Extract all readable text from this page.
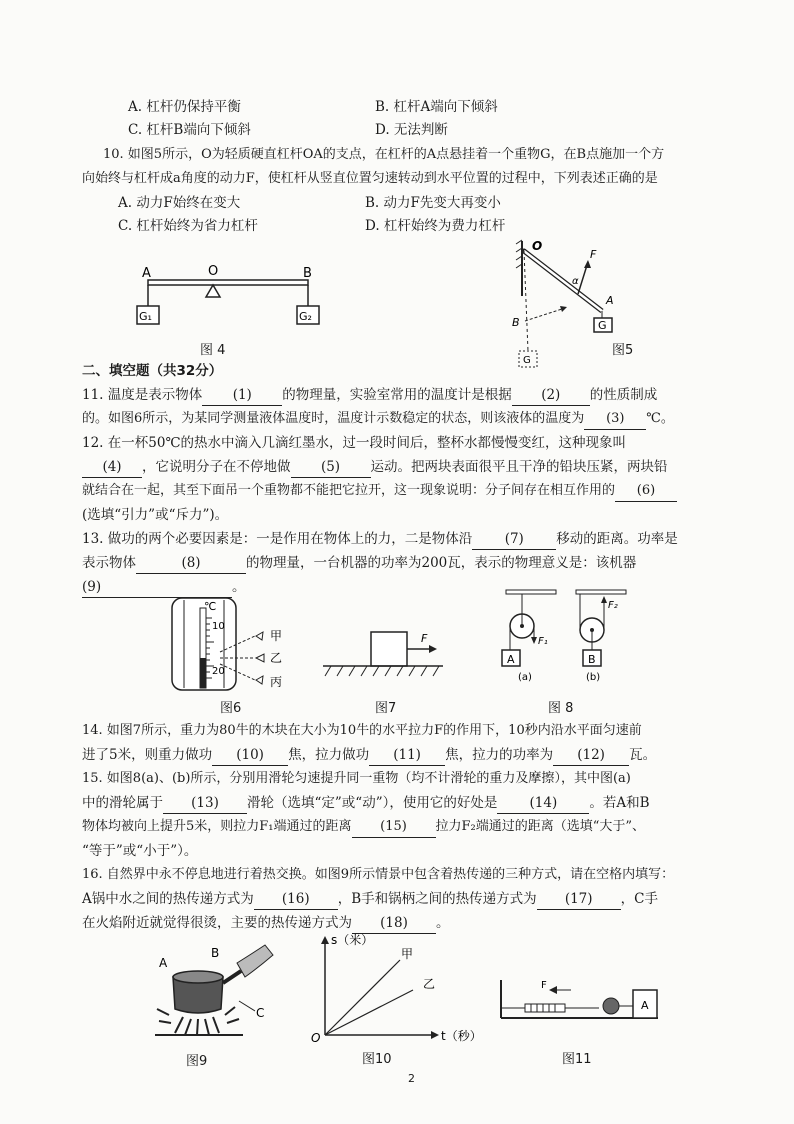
A. 杠杆仍保持平衡	B. 杠杆A端向下倾斜
C. 杠杆B端向下倾斜	D. 无法判断
10. 如图5所示，O为轻质硬直杠杆OA的支点，在杠杆的A点悬挂着一个重物G，在B点施加一个方
向始终与杠杆成a角度的动力F，使杠杆从竖直位置匀速转动到水平位置的过程中，下列表述正确的是
A. 动力F始终在变大	B. 动力F先变大再变小
C. 杠杆始终为省力杠杆	D. 杠杆始终为费力杠杆
A	O	B
G₁	G₂
图 4
O
F
α
A
G
B
G
图5
二、填空题（共32分）
11. 温度是表示物体 (1) 的物理量，实验室常用的温度计是根据 (2) 的性质制成
的。如图6所示，为某同学测量液体温度时，温度计示数稳定的状态，则该液体的温度为 (3) ℃。
12. 在一杯50℃的热水中滴入几滴红墨水，过一段时间后，整杯水都慢慢变红，这种现象叫
(4) ，它说明分子在不停地做 (5) 运动。把两块表面很平且干净的铅块压紧，两块铅
就结合在一起，其至下面吊一个重物都不能把它拉开，这一现象说明：分子间存在相互作用的 (6)
(选填“引力”或“斥力”)。
13. 做功的两个必要因素是：一是作用在物体上的力，二是物体沿 (7) 移动的距离。功率是
表示物体	(8)	的物理量，一台机器的功率为200瓦，表示的物理意义是：该机器
(9)	。
℃
10
20
甲
乙
丙
图6
F
图7
F₁
F₂
A	B
(a)	(b)
图 8
14. 如图7所示，重力为80牛的木块在大小为10牛的水平拉力F的作用下，10秒内沿水平面匀速前
进了5米，则重力做功 (10) 焦，拉力做功 (11) 焦，拉力的功率为 (12) 瓦。
15. 如图8(a)、(b)所示，分别用滑轮匀速提升同一重物（均不计滑轮的重力及摩擦），其中图(a)
中的滑轮属于 (13) 滑轮（选填“定”或“动”），使用它的好处是 (14) 。若A和B
物体均被向上提升5米，则拉力F₁端通过的距离 (15) 拉力F₂端通过的距离（选填“大于”、
“等于”或“小于”）。
16. 自然界中永不停息地进行着热交换。如图9所示情景中包含着热传递的三种方式，请在空格内填写：
A锅中水之间的热传递方式为 (16) ，B手和锅柄之间的热传递方式为 (17) ，C手
在火焰附近就觉得很烫，主要的热传递方式为 (18) 。
A
B
C
图9
s（米）
t（秒）
O
甲
乙
图10
F
A
图11
2
